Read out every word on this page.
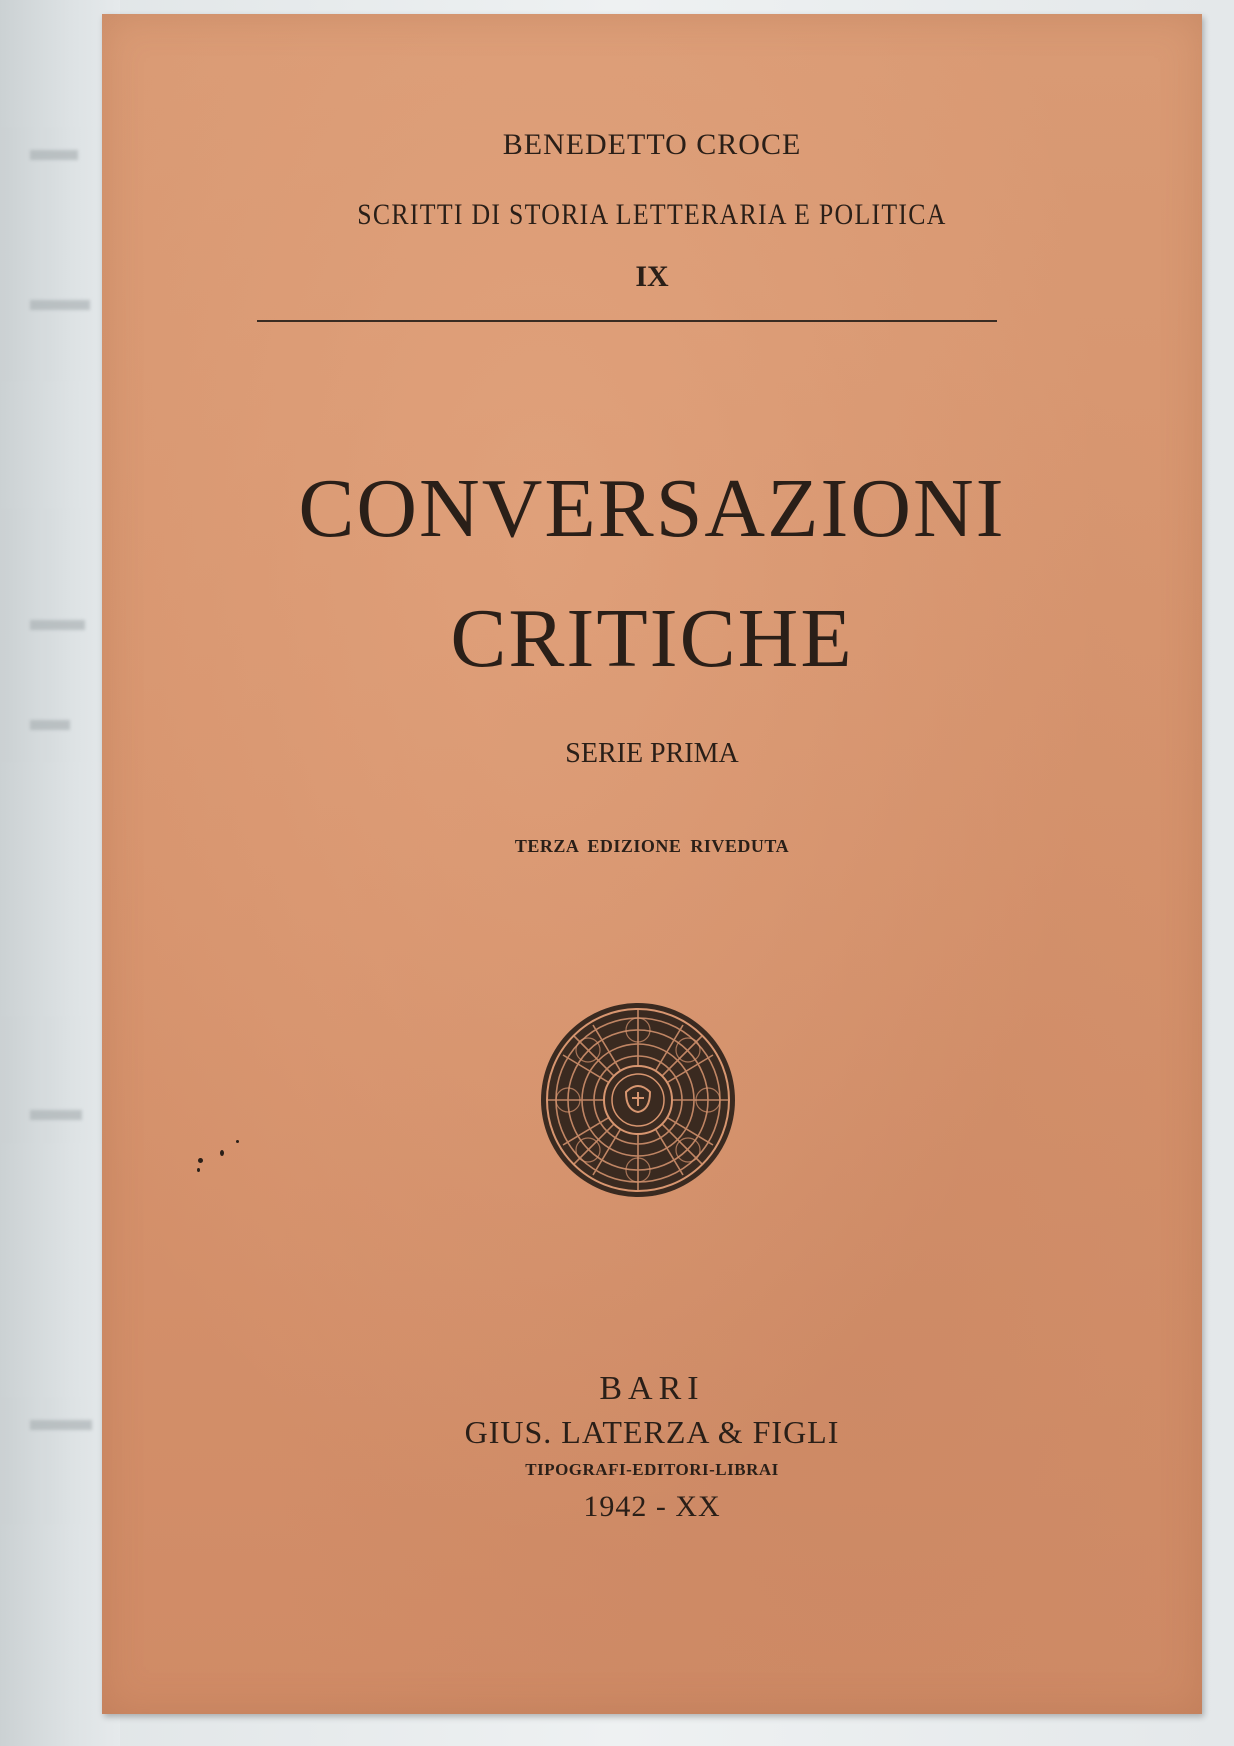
BENEDETTO CROCE

SCRITTI DI STORIA LETTERARIA E POLITICA

IX

CONVERSAZIONI

CRITICHE

SERIE PRIMA

TERZA EDIZIONE RIVEDUTA

BARI

GIUS. LATERZA & FIGLI

TIPOGRAFI-EDITORI-LIBRAI

1942 - XX
